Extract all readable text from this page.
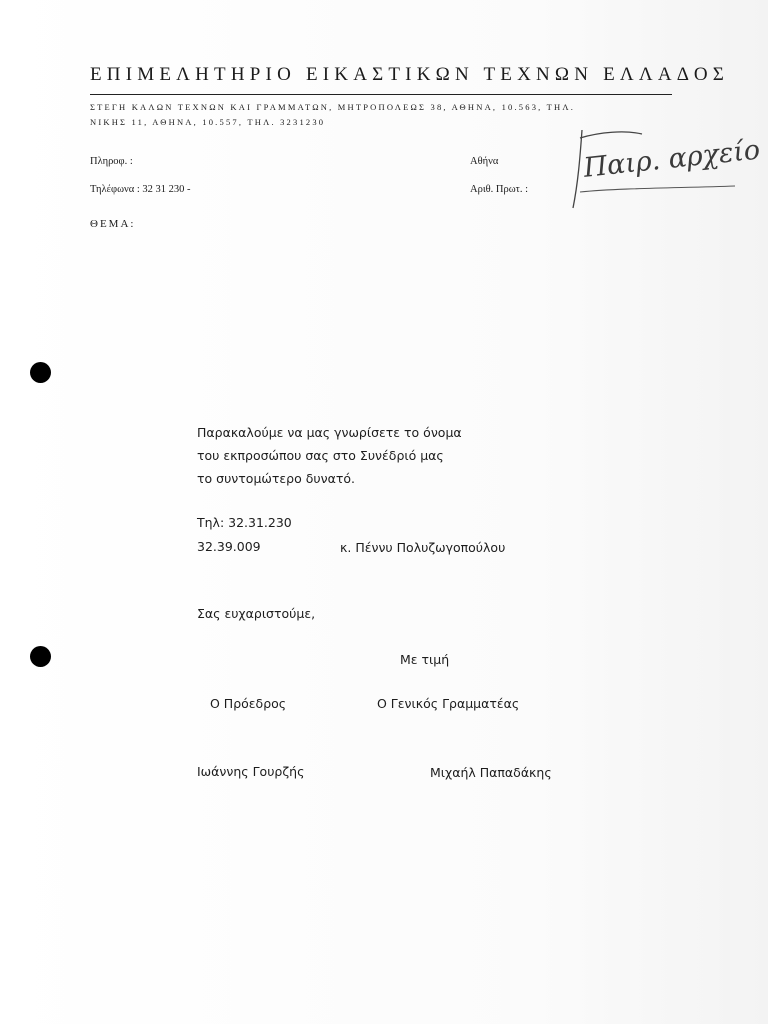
ΕΠΙΜΕΛΗΤΗΡΙΟ ΕΙΚΑΣΤΙΚΩΝ ΤΕΧΝΩΝ ΕΛΛΑΔΟΣ
ΣΤΕΓΗ ΚΑΛΩΝ ΤΕΧΝΩΝ ΚΑΙ ΓΡΑΜΜΑΤΩΝ, ΜΗΤΡΟΠΟΛΕΩΣ 38, ΑΘΗΝΑ, 10.563, ΤΗΛ.
ΝΙΚΗΣ 11, ΑΘΗΝΑ, 10.557, ΤΗΛ. 3231230
Πληροφ. :
Τηλέφωνα : 32 31 230 -
Αθήνα
Αριθ. Πρωτ. :
ΘΕΜΑ:
Παιρ. αρχείο
Παρακαλούμε να μας γνωρίσετε το όνομα
του εκπροσώπου σας στο Συνέδριό μας
το συντομώτερο δυνατό.
Τηλ: 32.31.230
32.39.009	κ. Πέννυ Πολυζωγοπούλου
Σας ευχαριστούμε,
Με τιμή
Ο Πρόεδρος	Ο Γενικός Γραμματέας
Ιωάννης Γουρζής	Μιχαήλ Παπαδάκης
